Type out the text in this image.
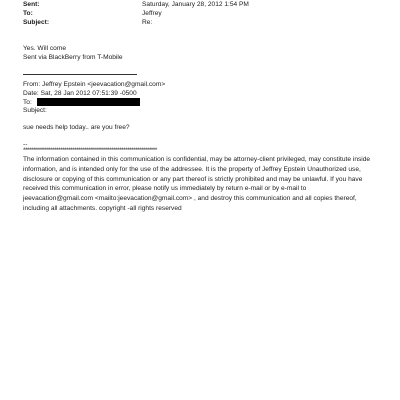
Sent:	Saturday, January 28, 2012 1:54 PM
To:	Jeffrey
Subject:	Re:
Yes. Will come
Sent via BlackBerry from T-Mobile
From: Jeffrey Epstein <jeevacation@gmail.com>
Date: Sat, 28 Jan 2012 07:51:39 -0500
To:
Subject:
sue needs help today.. are you free?
--
********************************************************************
The information contained in this communication is confidential, may be attorney-client privileged, may constitute inside information, and is intended only for the use of the addressee. It is the property of Jeffrey Epstein Unauthorized use, disclosure or copying of this communication or any part thereof is strictly prohibited and may be unlawful. If you have received this communication in error, please notify us immediately by return e-mail or by e-mail to jeevacation@gmail.com <mailto:jeevacation@gmail.com> , and destroy this communication and all copies thereof, including all attachments. copyright -all rights reserved
